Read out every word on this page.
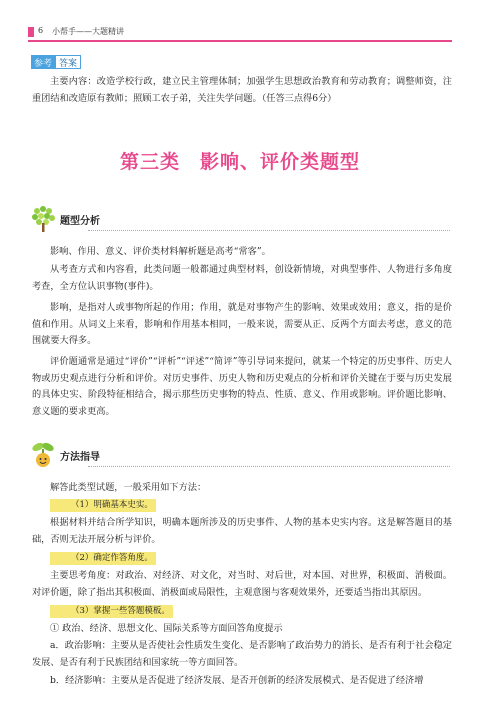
6 小帮手——大题精讲
参考 答案
主要内容：改造学校行政，建立民主管理体制；加强学生思想政治教育和劳动教育；调整师资，注重团结和改造原有教师；照顾工农子弟，关注失学问题。（任答三点得6分）
第三类　影响、评价类题型
题型分析
影响、作用、意义、评价类材料解析题是高考“常客”。
从考查方式和内容看，此类问题一般都通过典型材料，创设新情境，对典型事件、人物进行多角度考查，全方位认识事物(事件)。
影响，是指对人或事物所起的作用；作用，就是对事物产生的影响、效果或效用；意义，指的是价值和作用。从词义上来看，影响和作用基本相同，一般来说，需要从正、反两个方面去考虑，意义的范围就要大得多。
评价题通常是通过“评价”“评析”“评述”“简评”等引导词来提问，就某一个特定的历史事件、历史人物或历史观点进行分析和评价。对历史事件、历史人物和历史观点的分析和评价关键在于要与历史发展的具体史实、阶段特征相结合，揭示那些历史事物的特点、性质、意义、作用或影响。评价题比影响、意义题的要求更高。
方法指导
解答此类型试题，一般采用如下方法：
（1）明确基本史实。
根据材料并结合所学知识，明确本题所涉及的历史事件、人物的基本史实内容。这是解答题目的基础，否则无法开展分析与评价。
（2）确定作答角度。
主要思考角度：对政治、对经济、对文化，对当时、对后世，对本国、对世界，积极面、消极面。对评价题，除了指出其积极面、消极面或局限性，主观意图与客观效果外，还要适当指出其原因。
（3）掌握一些答题模板。
① 政治、经济、思想文化、国际关系等方面回答角度提示
a．政治影响：主要从是否使社会性质发生变化、是否影响了政治势力的消长、是否有利于社会稳定发展、是否有利于民族团结和国家统一等方面回答。
b．经济影响：主要从是否促进了经济发展、是否开创新的经济发展模式、是否促进了经济增
